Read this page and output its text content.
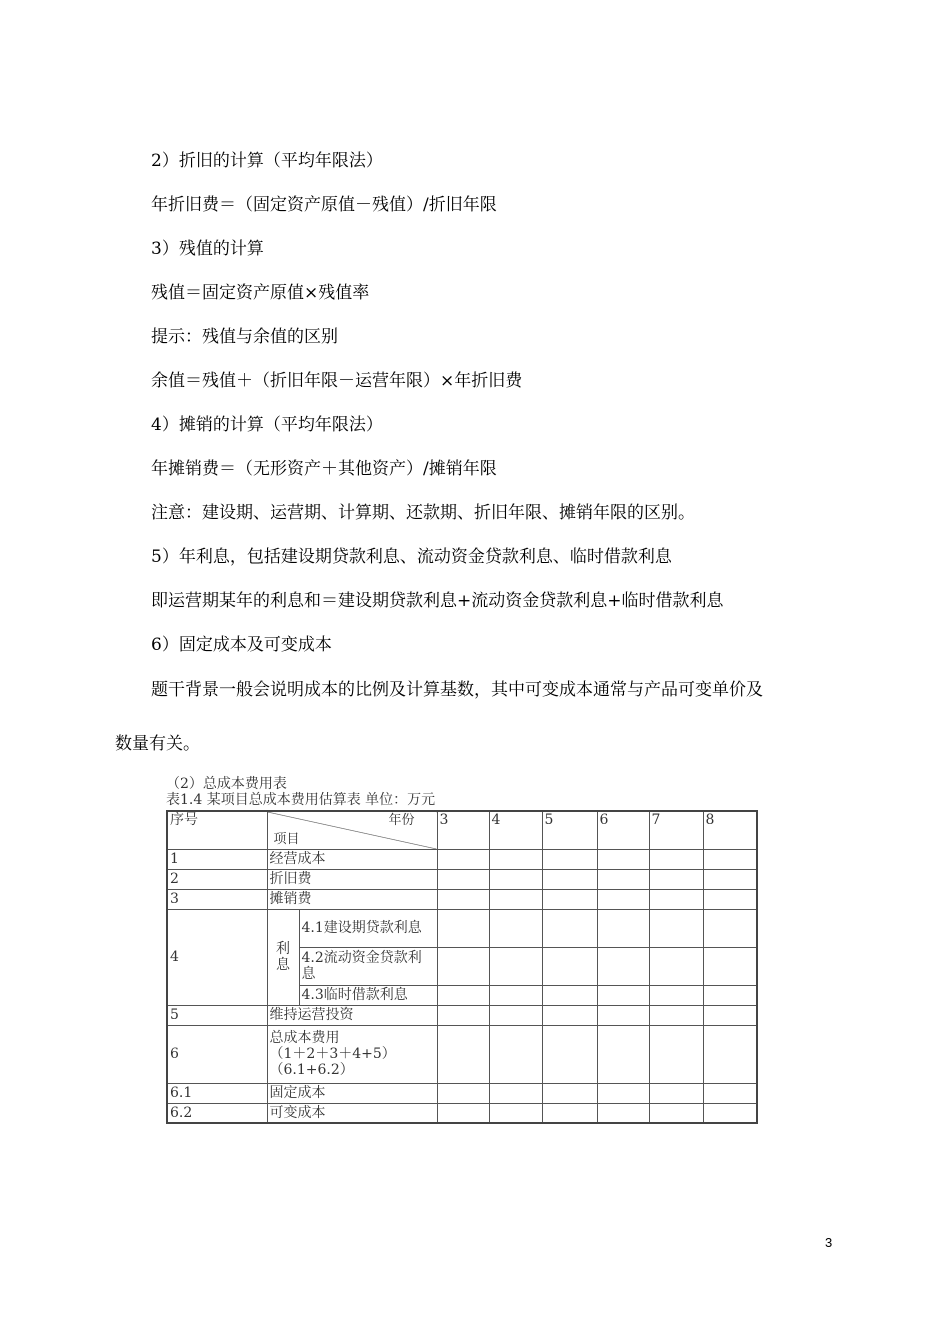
2）折旧的计算（平均年限法）
年折旧费＝（固定资产原值－残值）/折旧年限
3）残值的计算
残值＝固定资产原值×残值率
提示：残值与余值的区别
余值＝残值＋（折旧年限－运营年限）×年折旧费
4）摊销的计算（平均年限法）
年摊销费＝（无形资产＋其他资产）/摊销年限
注意：建设期、运营期、计算期、还款期、折旧年限、摊销年限的区别。
5）年利息，包括建设期贷款利息、流动资金贷款利息、临时借款利息
即运营期某年的利息和＝建设期贷款利息+流动资金贷款利息+临时借款利息
6）固定成本及可变成本
题干背景一般会说明成本的比例及计算基数，其中可变成本通常与产品可变单价及
数量有关。
（2）总成本费用表
表1.4 某项目总成本费用估算表 单位：万元
序号	年份
项目		3	4	5	6	7	8
1	经营成本							
2	折旧费							
3	摊销费							
4	利息	4.1建设期贷款利息						
		4.2流动资金贷款利息						
		4.3临时借款利息						
5	维持运营投资							
6	总成本费用
（1＋2＋3＋4+5）
（6.1+6.2）							

6.1	固定成本							
6.2	可变成本							
3
